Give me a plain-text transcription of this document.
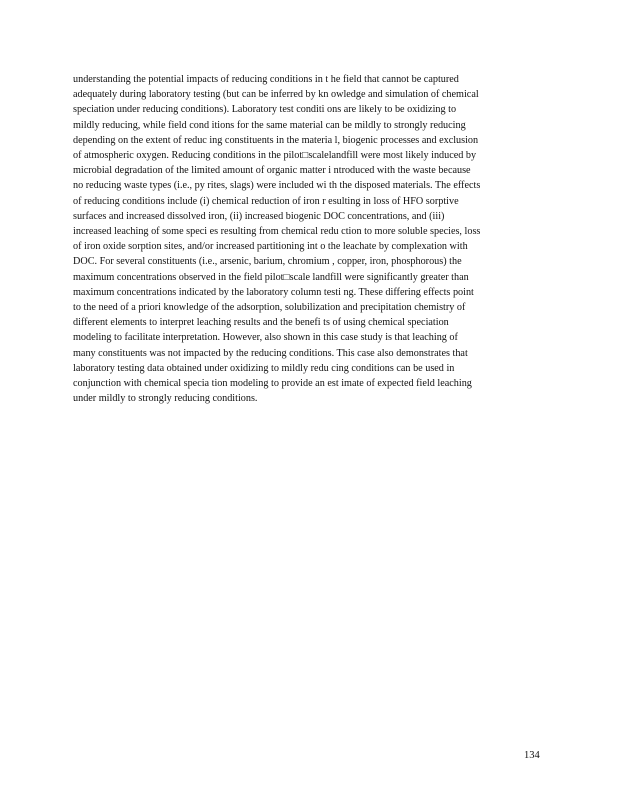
understanding the potential impacts of reducing conditions in t he field that cannot be captured
adequately during laboratory testing (but can be inferred by kn owledge and simulation of chemical
speciation under reducing conditions). Laboratory test conditi ons are likely to be oxidizing to
mildly reducing, while field cond itions for the same material can be mildly to strongly reducing
depending on the extent of reduc ing constituents in the materia l, biogenic processes and exclusion
of atmospheric oxygen. Reducing conditions in the pilot□scalelandfill were most likely induced by
microbial degradation of the limited amount of organic matter i ntroduced with the waste because
no reducing waste types (i.e., py rites, slags) were included wi th the disposed materials. The effects
of reducing conditions include (i) chemical reduction of iron r esulting in loss of HFO sorptive
surfaces and increased dissolved iron, (ii) increased biogenic DOC concentrations, and (iii)
increased leaching of some speci es resulting from chemical redu ction to more soluble species, loss
of iron oxide sorption sites, and/or increased partitioning int o the leachate by complexation with
DOC. For several constituents (i.e., arsenic, barium, chromium , copper, iron, phosphorous) the
maximum concentrations observed in the field pilot□scale landfill were significantly greater than
maximum concentrations indicated by the laboratory column testi ng. These differing effects point
to the need of a priori knowledge of the adsorption, solubilization and precipitation chemistry of
different elements to interpret leaching results and the benefi ts of using chemical speciation
modeling to facilitate interpretation. However, also shown in this case study is that leaching of
many constituents was not impacted by the reducing conditions. This case also demonstrates that
laboratory testing data obtained under oxidizing to mildly redu cing conditions can be used in
conjunction with chemical specia tion modeling to provide an est imate of expected field leaching
under mildly to strongly reducing conditions.
134
